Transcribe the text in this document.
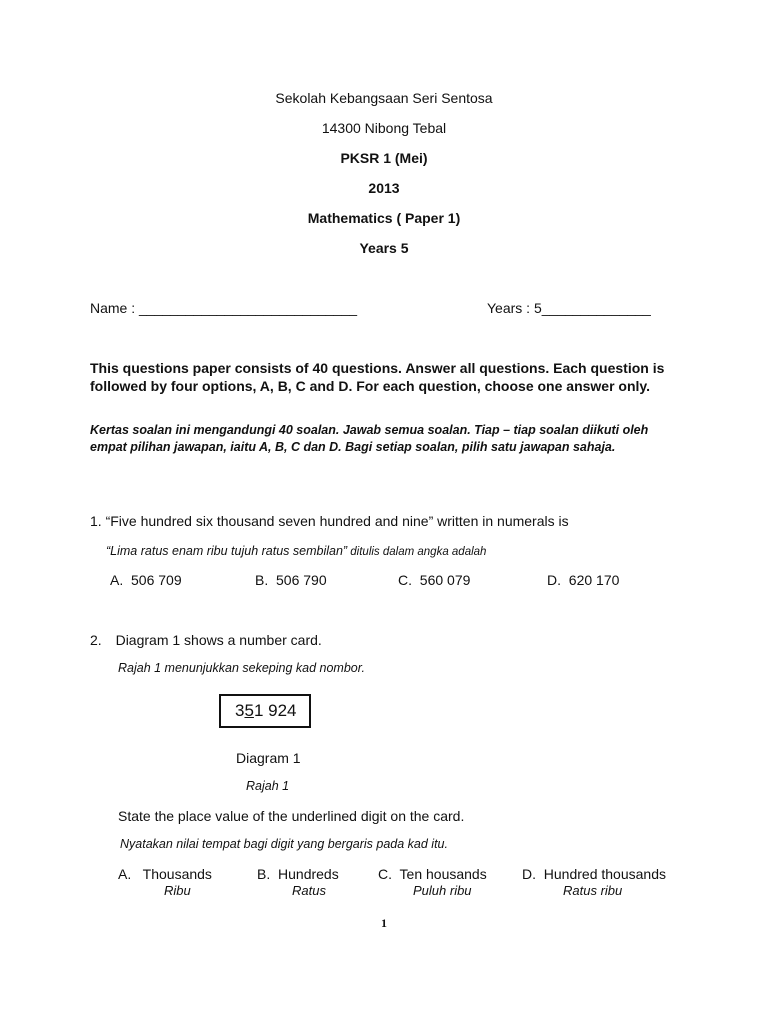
Sekolah Kebangsaan Seri Sentosa
14300 Nibong Tebal
PKSR 1 (Mei)
2013
Mathematics ( Paper 1)
Years 5
Name : ____________________________	Years : 5______________
This questions paper consists of 40 questions. Answer all questions. Each question is followed by four options, A, B, C and D. For each question, choose one answer only.
Kertas soalan ini mengandungi 40 soalan. Jawab semua soalan. Tiap – tiap soalan diikuti oleh empat pilihan jawapan, iaitu A, B, C dan D. Bagi setiap soalan, pilih satu jawapan sahaja.
1. “Five hundred six thousand seven hundred and nine” written in numerals is
“Lima ratus enam ribu tujuh ratus sembilan” ditulis dalam angka adalah
A. 506 709	B. 506 790	C. 560 079	D. 620 170
2. Diagram 1 shows a number card.
Rajah 1 menunjukkan sekeping kad nombor.
351 924
Diagram 1
Rajah 1
State the place value of the underlined digit on the card.
Nyatakan nilai tempat bagi digit yang bergaris pada kad itu.
A. Thousands
Ribu
B. Hundreds
Ratus
C. Ten housands
Puluh ribu
D. Hundred thousands
Ratus ribu
1
